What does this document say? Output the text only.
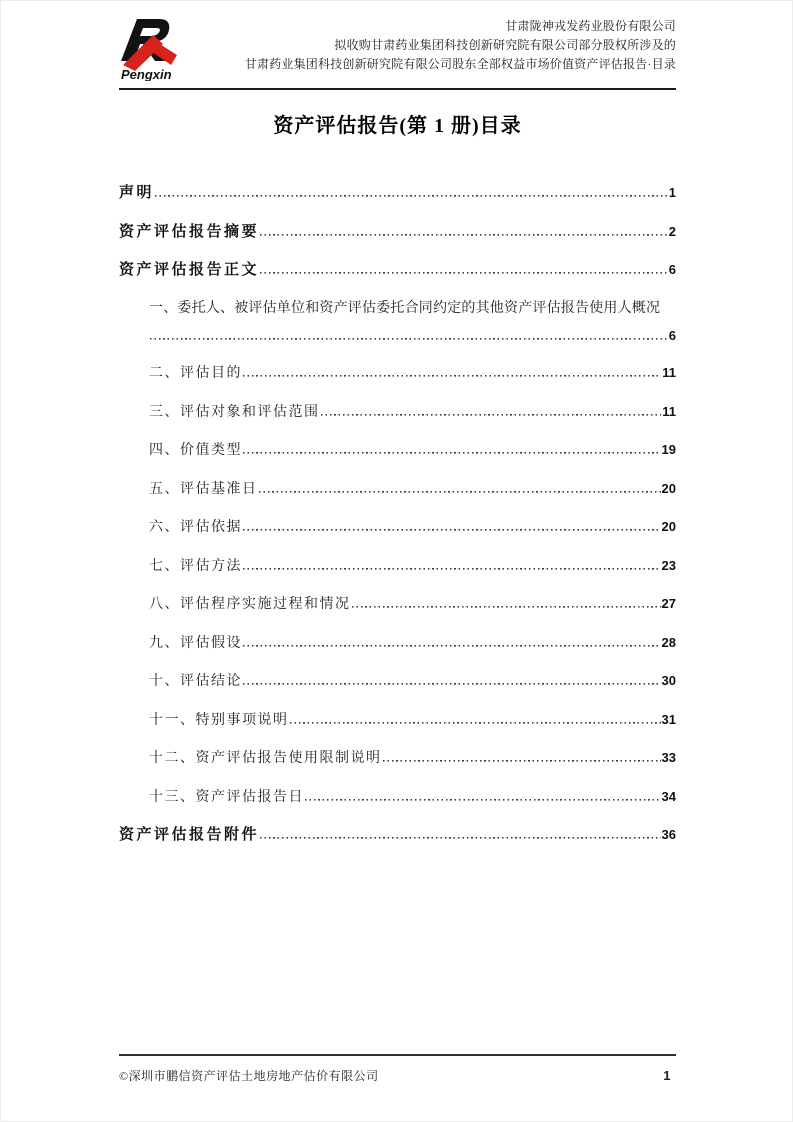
Pengxin
甘肃陇神戎发药业股份有限公司
拟收购甘肃药业集团科技创新研究院有限公司部分股权所涉及的
甘肃药业集团科技创新研究院有限公司股东全部权益市场价值资产评估报告·目录
资产评估报告(第 1 册)目录
声明	1
资产评估报告摘要	2
资产评估报告正文	6
一、委托人、被评估单位和资产评估委托合同约定的其他资产评估报告使用人概况
6
二、评估目的	11
三、评估对象和评估范围	11
四、价值类型	19
五、评估基准日	20
六、评估依据	20
七、评估方法	23
八、评估程序实施过程和情况	27
九、评估假设	28
十、评估结论	30
十一、特别事项说明	31
十二、资产评估报告使用限制说明	33
十三、资产评估报告日	34
资产评估报告附件	36
©深圳市鹏信资产评估土地房地产估价有限公司	1
